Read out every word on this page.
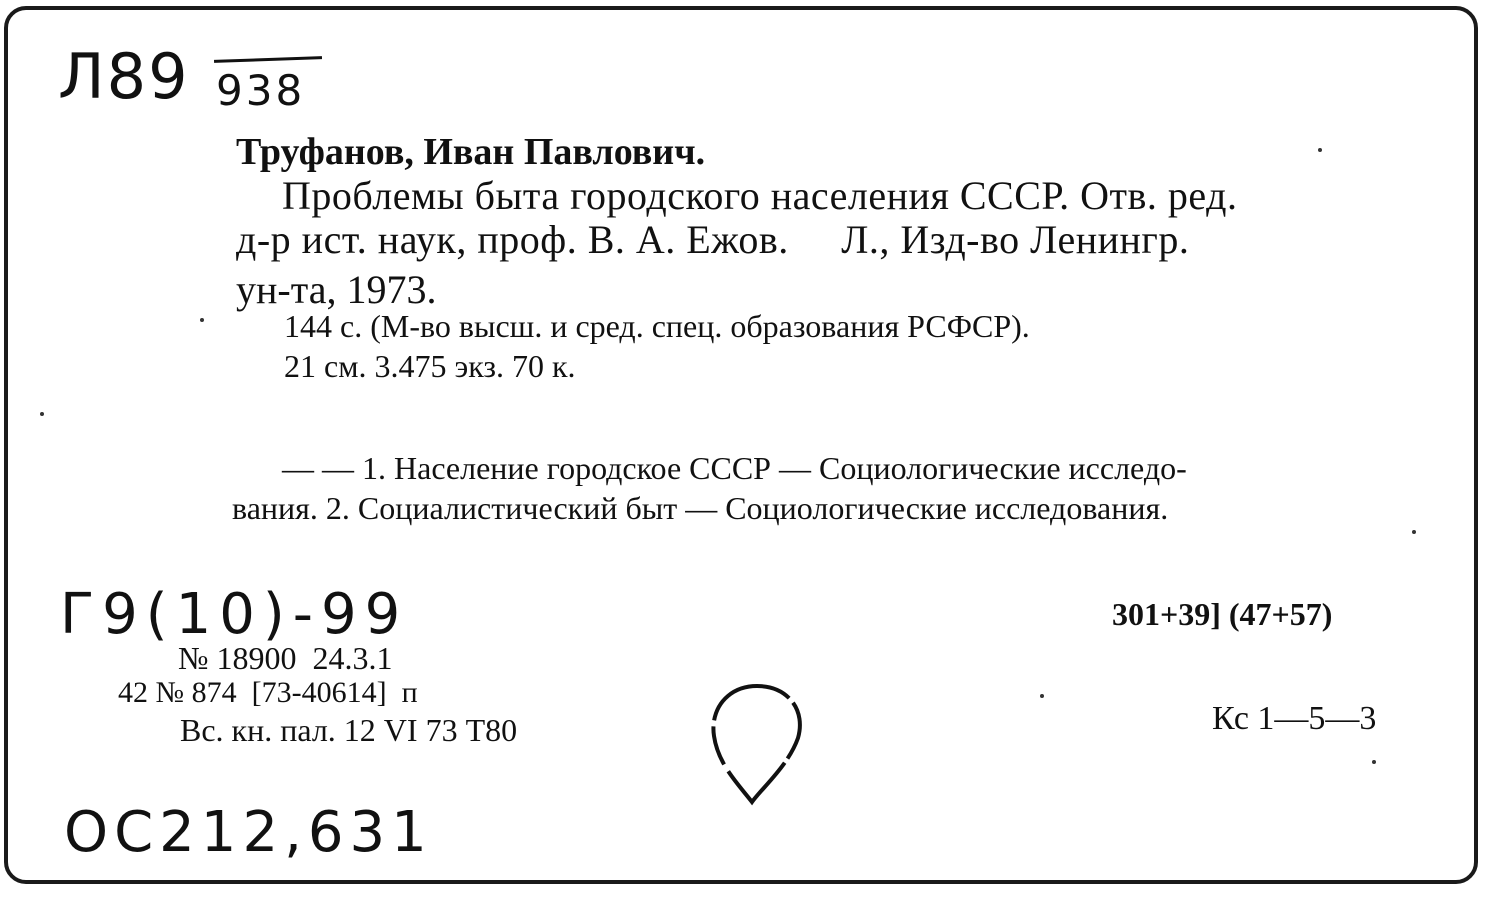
Л89 938
Труфанов, Иван Павлович.
Проблемы быта городского населения СССР. Отв. ред.
д-р ист. наук, проф. В. А. Ежов.     Л., Изд-во Ленингр.
ун-та, 1973.
144 с. (М-во высш. и сред. спец. образования РСФСР).
21 см. 3.475 экз. 70 к.
— — 1. Население городское СССР — Социологические исследо-
вания. 2. Социалистический быт — Социологические исследования.
Г9(10)-99	301+39] (47+57)
№ 18900  24.3.1
42 № 874  [73-40614]  п
Вс. кн. пал. 12 VI 73 Т80	Кс 1—5—3
ОС212,631
